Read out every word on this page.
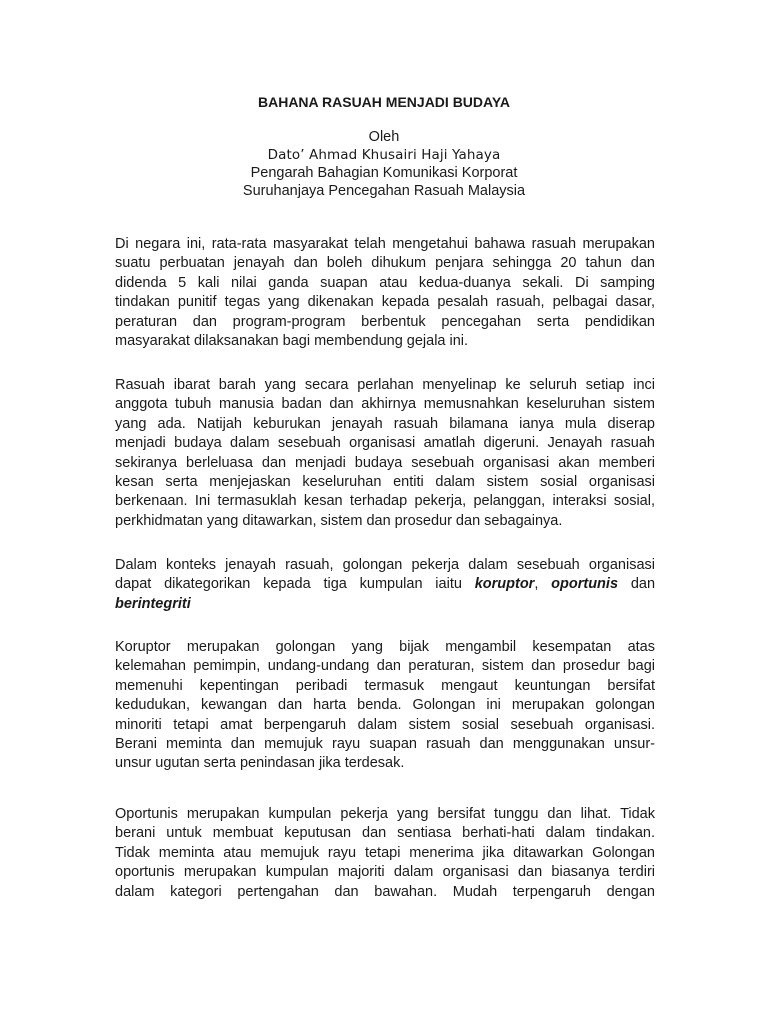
BAHANA RASUAH MENJADI BUDAYA
Oleh
Dato’ Ahmad Khusairi Haji Yahaya
Pengarah Bahagian Komunikasi Korporat
Suruhanjaya Pencegahan Rasuah Malaysia
Di negara ini, rata-rata masyarakat telah mengetahui bahawa rasuah merupakan
suatu perbuatan jenayah dan boleh dihukum penjara sehingga 20 tahun dan
didenda 5 kali nilai ganda suapan atau kedua-duanya sekali. Di samping
tindakan punitif tegas yang dikenakan kepada pesalah rasuah, pelbagai dasar,
peraturan dan program-program berbentuk pencegahan serta pendidikan
masyarakat dilaksanakan bagi membendung gejala ini.
Rasuah ibarat barah yang secara perlahan menyelinap ke seluruh setiap inci
anggota tubuh manusia badan dan akhirnya memusnahkan keseluruhan sistem
yang ada. Natijah keburukan jenayah rasuah bilamana ianya mula diserap
menjadi budaya dalam sesebuah organisasi amatlah digeruni. Jenayah rasuah
sekiranya berleluasa dan menjadi budaya sesebuah organisasi akan memberi
kesan serta menjejaskan keseluruhan entiti dalam sistem sosial organisasi
berkenaan. Ini termasuklah kesan terhadap pekerja, pelanggan, interaksi sosial,
perkhidmatan yang ditawarkan, sistem dan prosedur dan sebagainya.
Dalam konteks jenayah rasuah, golongan pekerja dalam sesebuah organisasi
dapat dikategorikan kepada tiga kumpulan iaitu koruptor, oportunis dan
berintegriti
Koruptor merupakan golongan yang bijak mengambil kesempatan atas
kelemahan pemimpin, undang-undang dan peraturan, sistem dan prosedur bagi
memenuhi kepentingan peribadi termasuk mengaut keuntungan bersifat
kedudukan, kewangan dan harta benda. Golongan ini merupakan golongan
minoriti tetapi amat berpengaruh dalam sistem sosial sesebuah organisasi.
Berani meminta dan memujuk rayu suapan rasuah dan menggunakan unsur-
unsur ugutan serta penindasan jika terdesak.
Oportunis merupakan kumpulan pekerja yang bersifat tunggu dan lihat. Tidak
berani untuk membuat keputusan dan sentiasa berhati-hati dalam tindakan.
Tidak meminta atau memujuk rayu tetapi menerima jika ditawarkan Golongan
oportunis merupakan kumpulan majoriti dalam organisasi dan biasanya terdiri
dalam kategori pertengahan dan bawahan. Mudah terpengaruh dengan
